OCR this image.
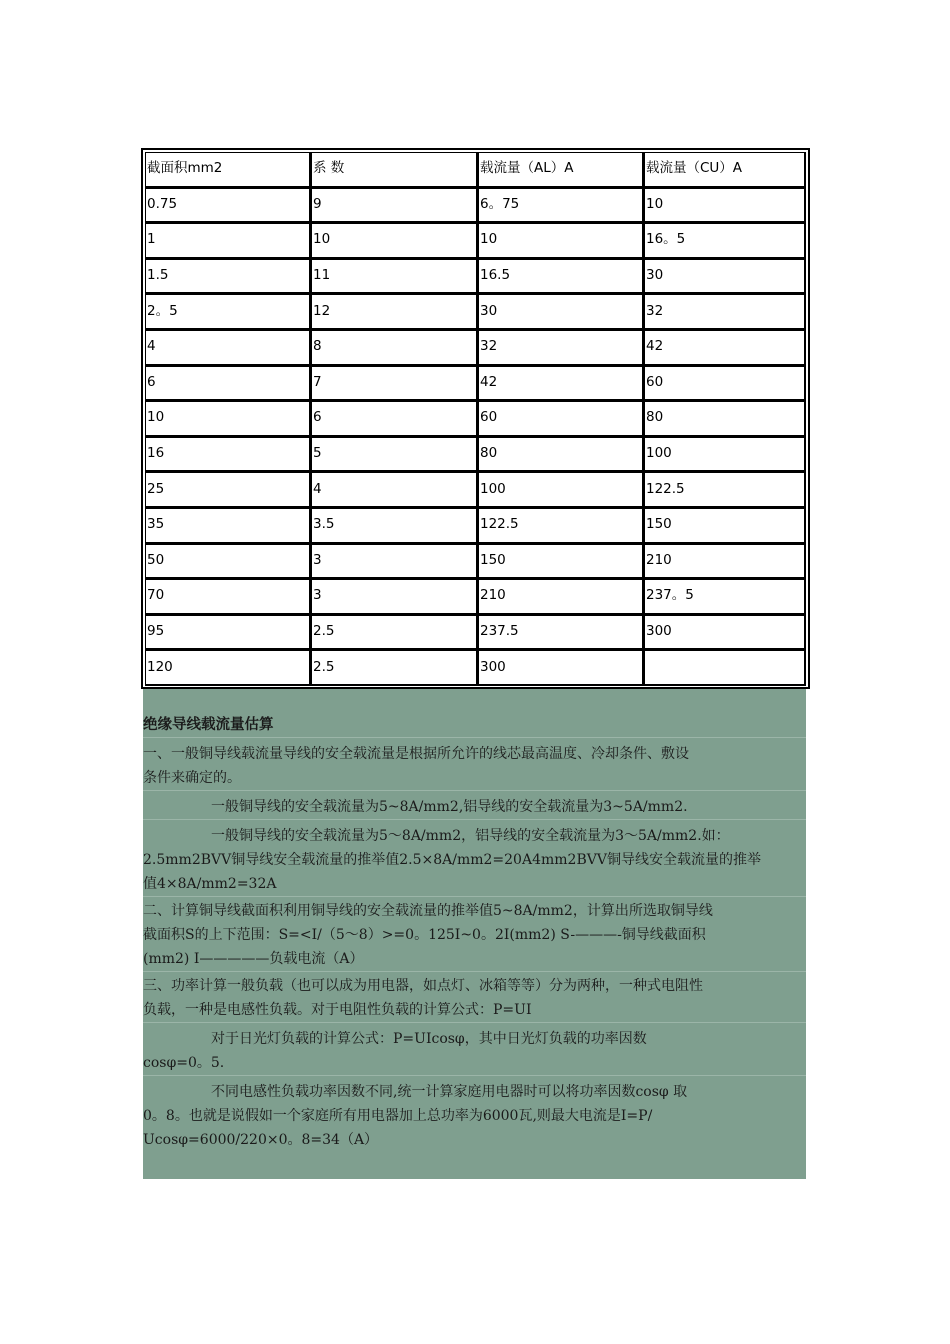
截面积mm2	系 数	载流量（AL）A	载流量（CU）A
0.75	9	6。75	10
1	10	10	16。5
1.5	11	16.5	30
2。5	12	30	32
4	8	32	42
6	7	42	60
10	6	60	80
16	5	80	100
25	4	100	122.5
35	3.5	122.5	150
50	3	150	210
70	3	210	237。5
95	2.5	237.5	300
120	2.5	300	
绝缘导线载流量估算
一、一般铜导线载流量导线的安全载流量是根据所允许的线芯最高温度、冷却条件、敷设
条件来确定的。
一般铜导线的安全载流量为5~8A/mm2,铝导线的安全载流量为3~5A/mm2.
一般铜导线的安全载流量为5～8A/mm2，铝导线的安全载流量为3～5A/mm2.如：
2.5mm2BVV铜导线安全载流量的推举值2.5×8A/mm2=20A4mm2BVV铜导线安全载流量的推举
值4×8A/mm2=32A
二、计算铜导线截面积利用铜导线的安全载流量的推举值5~8A/mm2，计算出所选取铜导线
截面积S的上下范围：S=<I/（5～8）>=0。125I~0。2I(mm2) S-———-铜导线截面积
(mm2) I—————负载电流（A）
三、功率计算一般负载（也可以成为用电器，如点灯、冰箱等等）分为两种，一种式电阻性
负载，一种是电感性负载。对于电阻性负载的计算公式：P=UI
对于日光灯负载的计算公式：P=UIcosφ，其中日光灯负载的功率因数
cosφ=0。5.
不同电感性负载功率因数不同,统一计算家庭用电器时可以将功率因数cosφ 取
0。8。也就是说假如一个家庭所有用电器加上总功率为6000瓦,则最大电流是I=P/
Ucosφ=6000/220×0。8=34（A）
